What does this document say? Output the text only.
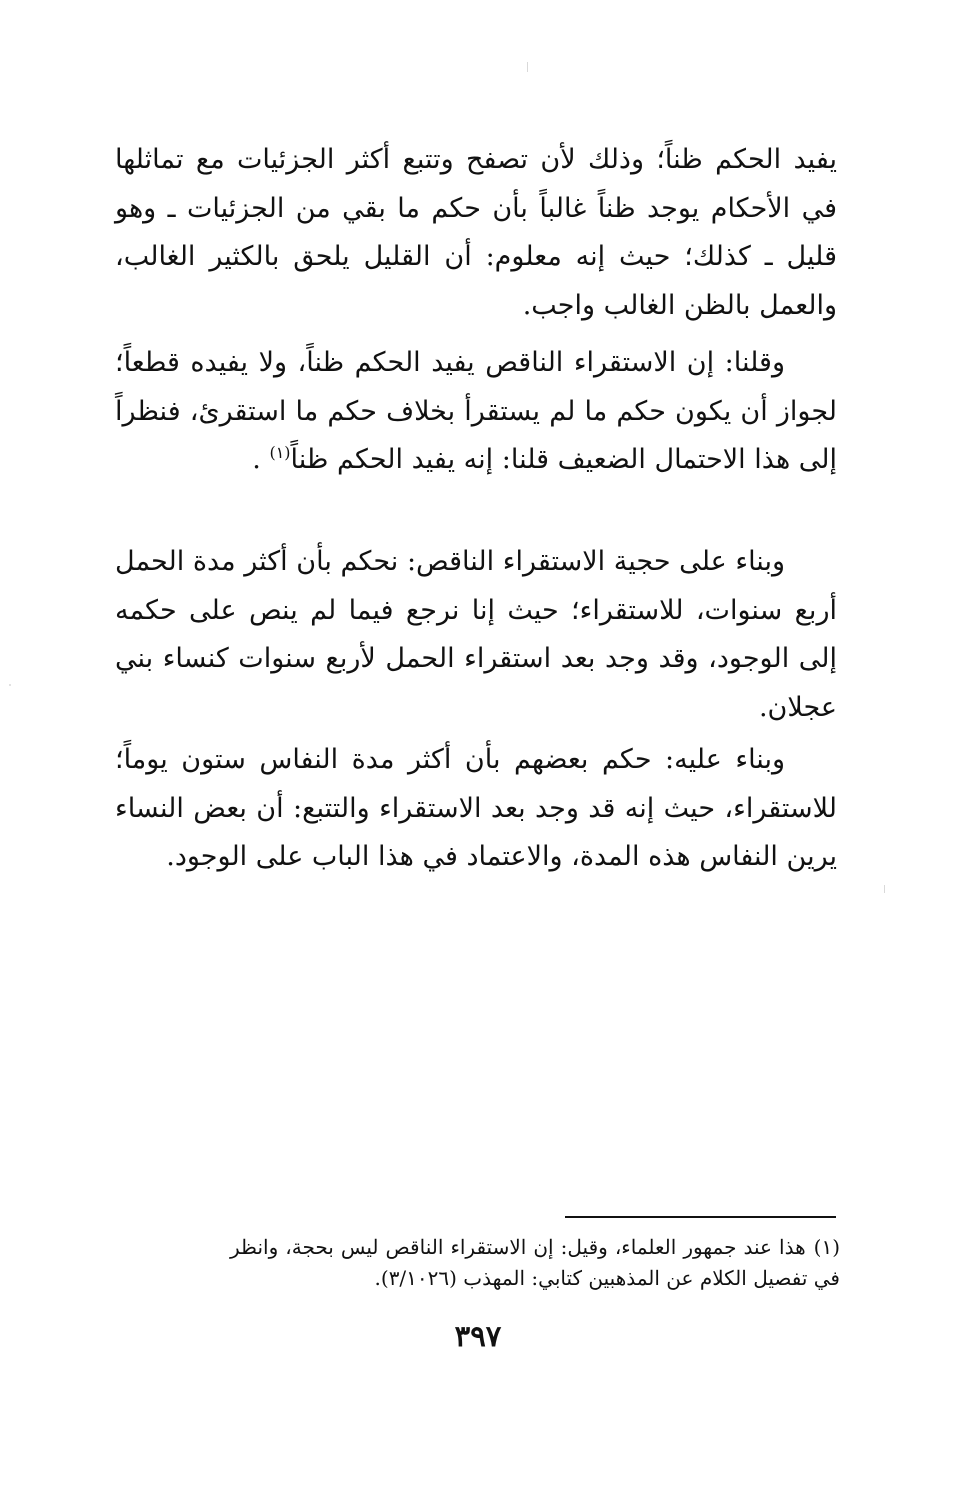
يفيد الحكم ظناً؛ وذلك لأن تصفح وتتبع أكثر الجزئيات مع تماثلها في الأحكام يوجد ظناً غالباً بأن حكم ما بقي من الجزئيات ـ وهو قليل ـ كذلك؛ حيث إنه معلوم: أن القليل يلحق بالكثير الغالب، والعمل بالظن الغالب واجب.

وقلنا: إن الاستقراء الناقص يفيد الحكم ظناً، ولا يفيده قطعاً؛ لجواز أن يكون حكم ما لم يستقرأ بخلاف حكم ما استقرئ، فنظراً إلى هذا الاحتمال الضعيف قلنا: إنه يفيد الحكم ظناً$^{(١)}$ .

وبناء على حجية الاستقراء الناقص: نحكم بأن أكثر مدة الحمل أربع سنوات، للاستقراء؛ حيث إنا نرجع فيما لم ينص على حكمه إلى الوجود، وقد وجد بعد استقراء الحمل لأربع سنوات كنساء بني عجلان.

وبناء عليه: حكم بعضهم بأن أكثر مدة النفاس ستون يوماً؛ للاستقراء، حيث إنه قد وجد بعد الاستقراء والتتبع: أن بعض النساء يرين النفاس هذه المدة، والاعتماد في هذا الباب على الوجود.

(١)هذا عند جمهور العلماء، وقيل: إن الاستقراء الناقص ليس بحجة، وانظر في تفصيل الكلام عن المذهبين كتابي: المهذب (٣/١٠٢٦).

٣٩٧
